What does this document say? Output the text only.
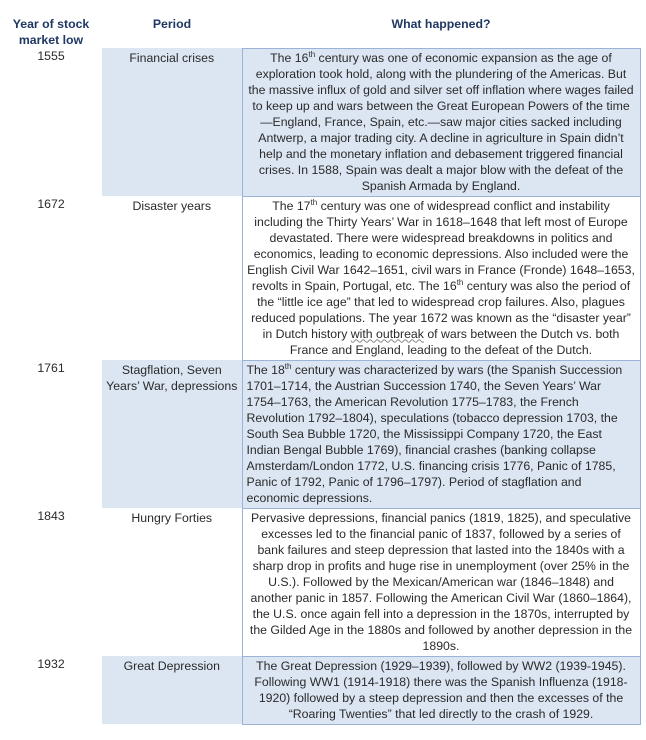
Year of stock market low	Period	What happened?
1555	Financial crises	The 16th century was one of economic expansion as the age of exploration took hold, along with the plundering of the Americas. But the massive influx of gold and silver set off inflation where wages failed to keep up and wars between the Great European Powers of the time—England, France, Spain, etc.—saw major cities sacked including Antwerp, a major trading city. A decline in agriculture in Spain didn’t help and the monetary inflation and debasement triggered financial crises. In 1588, Spain was dealt a major blow with the defeat of the Spanish Armada by England.
1672	Disaster years	The 17th century was one of widespread conflict and instability including the Thirty Years’ War in 1618–1648 that left most of Europe devastated. There were widespread breakdowns in politics and economics, leading to economic depressions. Also included were the English Civil War 1642–1651, civil wars in France (Fronde) 1648–1653, revolts in Spain, Portugal, etc. The 16th century was also the period of the “little ice age” that led to widespread crop failures. Also, plagues reduced populations. The year 1672 was known as the “disaster year” in Dutch history with outbreak of wars between the Dutch vs. both France and England, leading to the defeat of the Dutch.
1761	Stagflation, Seven Years’ War, depressions	The 18th century was characterized by wars (the Spanish Succession 1701–1714, the Austrian Succession 1740, the Seven Years’ War 1754–1763, the American Revolution 1775–1783, the French Revolution 1792–1804), speculations (tobacco depression 1703, the South Sea Bubble 1720, the Mississippi Company 1720, the East Indian Bengal Bubble 1769), financial crashes (banking collapse Amsterdam/London 1772, U.S. financing crisis 1776, Panic of 1785, Panic of 1792, Panic of 1796–1797). Period of stagflation and economic depressions.
1843	Hungry Forties	Pervasive depressions, financial panics (1819, 1825), and speculative excesses led to the financial panic of 1837, followed by a series of bank failures and steep depression that lasted into the 1840s with a sharp drop in profits and huge rise in unemployment (over 25% in the U.S.). Followed by the Mexican/American war (1846–1848) and another panic in 1857. Following the American Civil War (1860–1864), the U.S. once again fell into a depression in the 1870s, interrupted by the Gilded Age in the 1880s and followed by another depression in the 1890s.
1932	Great Depression	The Great Depression (1929–1939), followed by WW2 (1939-1945). Following WW1 (1914-1918) there was the Spanish Influenza (1918-1920) followed by a steep depression and then the excesses of the “Roaring Twenties” that led directly to the crash of 1929.
